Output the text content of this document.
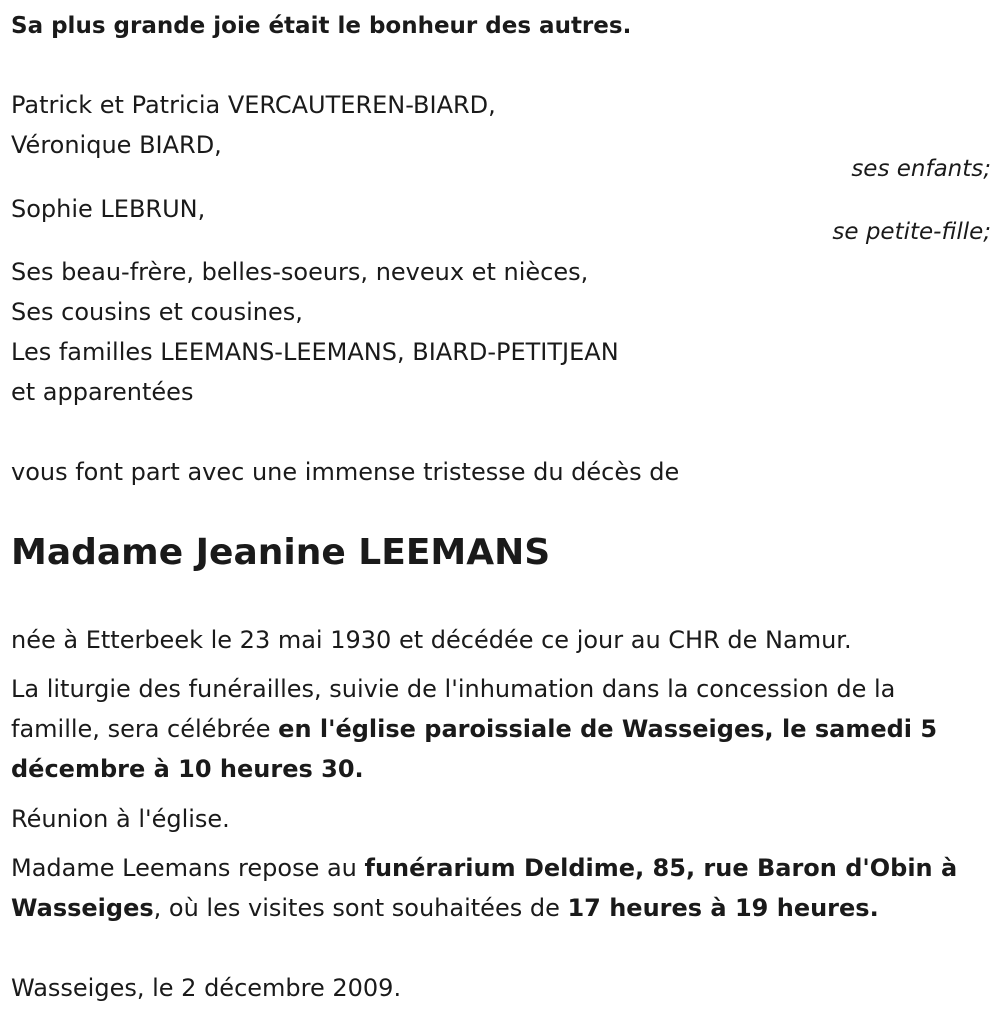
Sa plus grande joie était le bonheur des autres.
Patrick et Patricia VERCAUTEREN-BIARD,
Véronique BIARD,
ses enfants;
Sophie LEBRUN,
se petite-fille;
Ses beau-frère, belles-soeurs, neveux et nièces,
Ses cousins et cousines,
Les familles LEEMANS-LEEMANS, BIARD-PETITJEAN
et apparentées
vous font part avec une immense tristesse du décès de
Madame Jeanine LEEMANS
née à Etterbeek le 23 mai 1930 et décédée ce jour au CHR de Namur.
La liturgie des funérailles, suivie de l'inhumation dans la concession de la famille, sera célébrée en l'église paroissiale de Wasseiges, le samedi 5 décembre à 10 heures 30.
Réunion à l'église.
Madame Leemans repose au funérarium Deldime, 85, rue Baron d'Obin à Wasseiges, où les visites sont souhaitées de 17 heures à 19 heures.
Wasseiges, le 2 décembre 2009.
